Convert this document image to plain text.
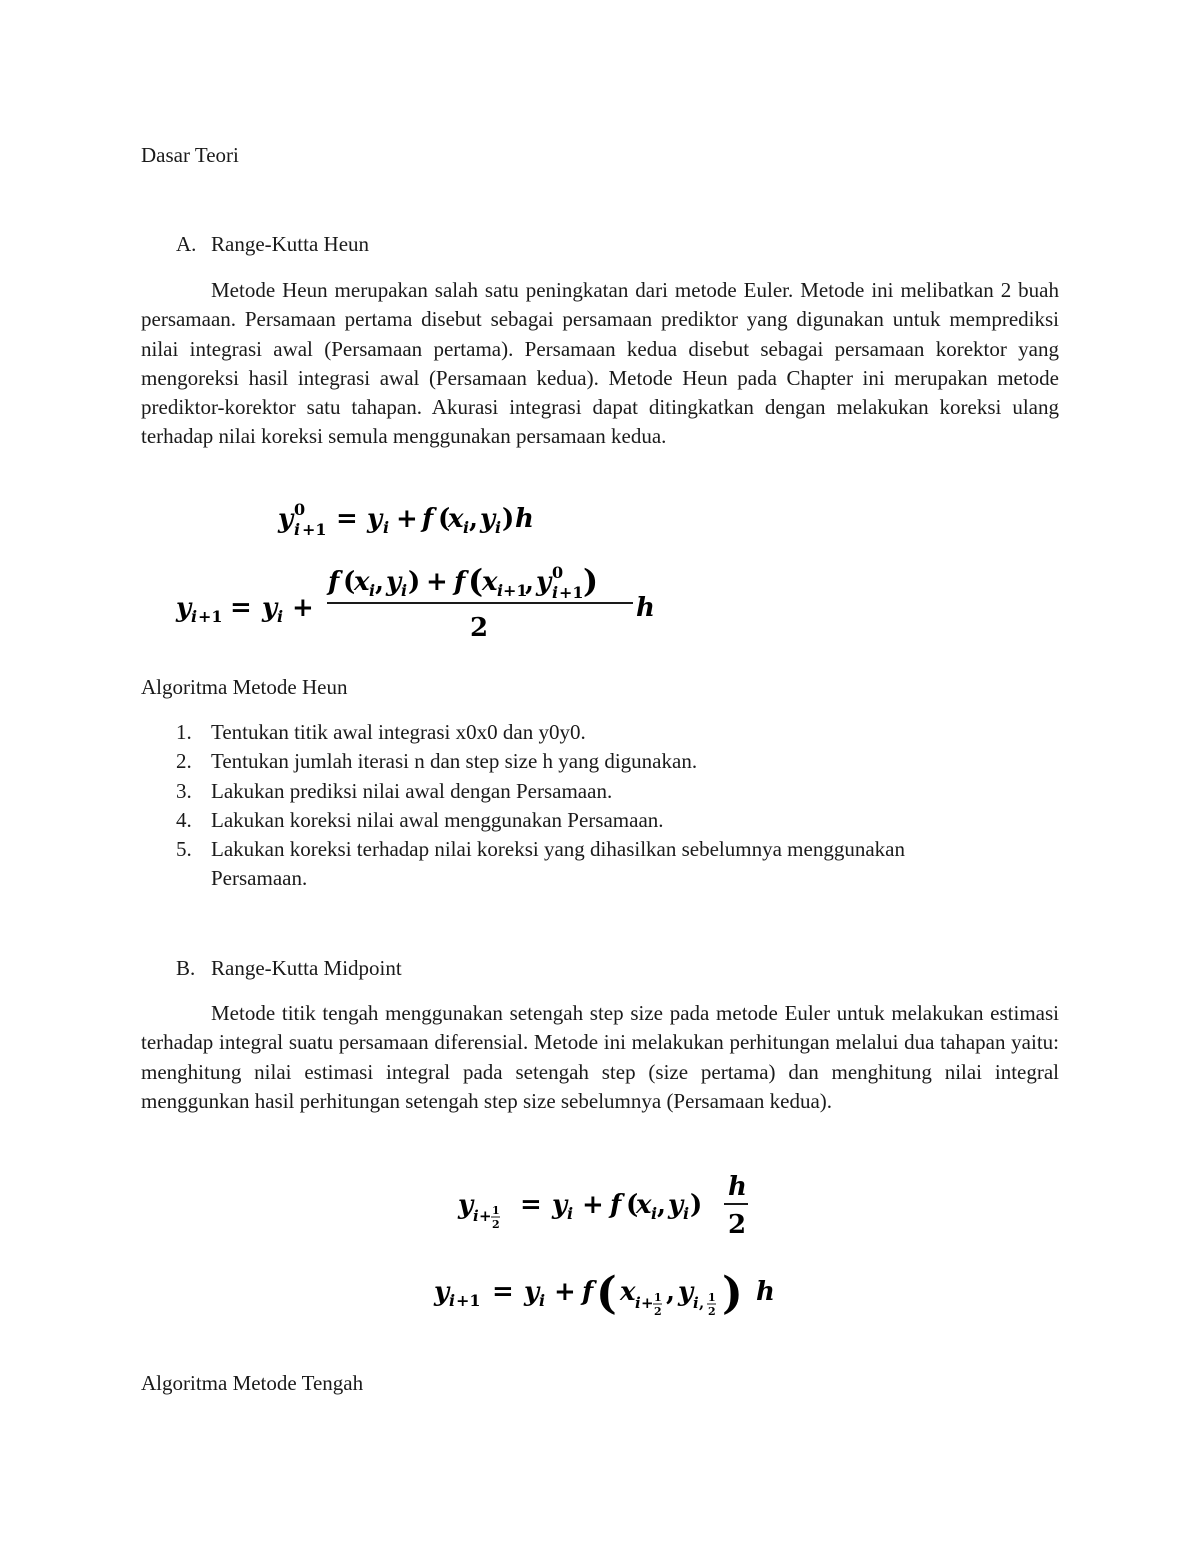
Dasar Teori
A. Range-Kutta Heun
Metode Heun merupakan salah satu peningkatan dari metode Euler. Metode ini melibatkan 2 buah persamaan. Persamaan pertama disebut sebagai persamaan prediktor yang digunakan untuk memprediksi nilai integrasi awal (Persamaan pertama). Persamaan kedua disebut sebagai persamaan korektor yang mengoreksi hasil integrasi awal (Persamaan kedua). Metode Heun pada Chapter ini merupakan metode prediktor-korektor satu tahapan. Akurasi integrasi dapat ditingkatkan dengan melakukan koreksi ulang terhadap nilai koreksi semula menggunakan persamaan kedua.
y 0
i +1 = y i + f (
x i , y i ) h
y i +1 = y i +
f (
x i , y i ) + f (
x i +1
, y 0
i +1 )
2
h
Algoritma Metode Heun
1. Tentukan titik awal integrasi x0x0 dan y0y0.
2. Tentukan jumlah iterasi n dan step size h yang digunakan.
3. Lakukan prediksi nilai awal dengan Persamaan.
4. Lakukan koreksi nilai awal menggunakan Persamaan.
5. Lakukan koreksi terhadap nilai koreksi yang dihasilkan sebelumnya menggunakan Persamaan.
B. Range-Kutta Midpoint
Metode titik tengah menggunakan setengah step size pada metode Euler untuk melakukan estimasi terhadap integral suatu persamaan diferensial. Metode ini melakukan perhitungan melalui dua tahapan yaitu: menghitung nilai estimasi integral pada setengah step (size pertama) dan menghitung nilai integral menggunkan hasil perhitungan setengah step size sebelumnya (Persamaan kedua).
y i + 1
2
= y i + f (
x i , y i )
h
2
y i +1 = y i + f ( x i + 1
2
, y i , 1
2 ) h
Algoritma Metode Tengah
